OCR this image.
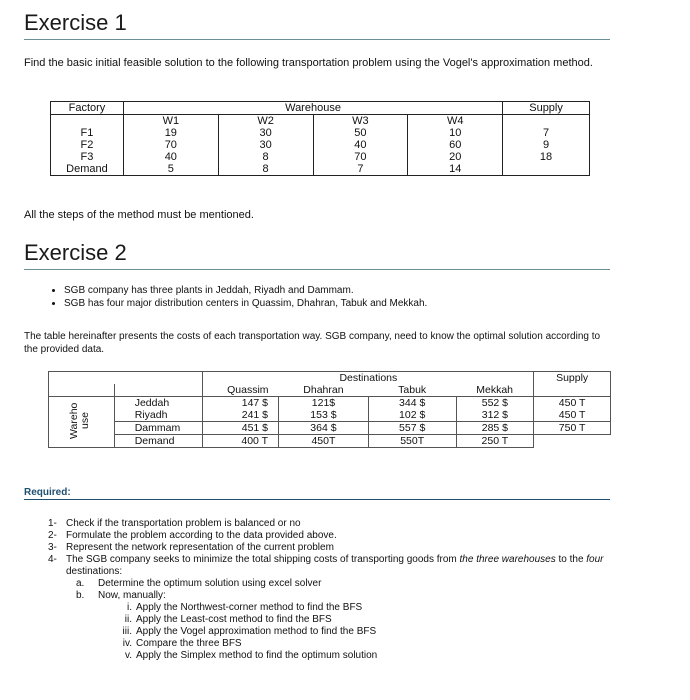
Exercise 1

Find the basic initial feasible solution to the following transportation problem using the Vogel's approximation method.

Factory	Warehouse				Supply
	W1	W2	W3	W4	
F1	19	30	50	10	7
F2	70	30	40	60	9
F3	40	8	70	20	18
Demand	5	8	7	14	

All the steps of the method must be mentioned.

Exercise 2
• SGB company has three plants in Jeddah, Riyadh and Dammam.
• SGB has four major distribution centers in Quassim, Dhahran, Tabuk and Mekkah.

The table hereinafter presents the costs of each transportation way. SGB company, need to know the optimal solution according to the provided data.

		Destinations				Supply
		Quassim	Dhahran	Tabuk	Mekkah	
Warehouse	Jeddah	147 $	121$	344 $	552 $	450 T
	Riyadh	241 $	153 $	102 $	312 $	450 T
	Dammam	451 $	364 $	557 $	285 $	750 T
	Demand	400 T	450T	550T	250 T	

Required:

1- Check if the transportation problem is balanced or no
2- Formulate the problem according to the data provided above.
3- Represent the network representation of the current problem
4- The SGB company seeks to minimize the total shipping costs of transporting goods from the three warehouses to the four destinations:
a. Determine the optimum solution using excel solver
b. Now, manually:
i. Apply the Northwest-corner method to find the BFS
ii. Apply the Least-cost method to find the BFS
iii. Apply the Vogel approximation method to find the BFS
iv. Compare the three BFS
v. Apply the Simplex method to find the optimum solution
